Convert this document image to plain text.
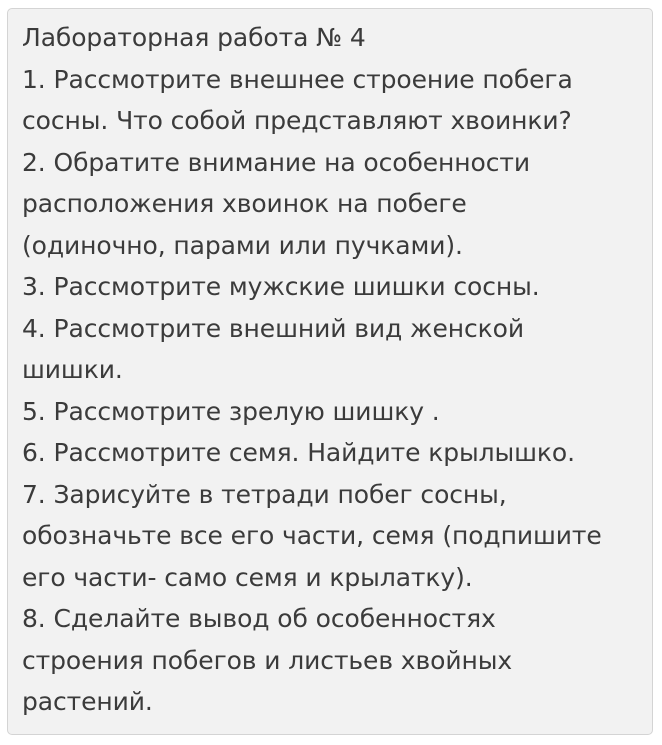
Лабораторная работа № 4
1. Рассмотрите внешнее строение побега
сосны. Что собой представляют хвоинки?
2. Обратите внимание на особенности
расположения хвоинок на побеге
(одиночно, парами или пучками).
3. Рассмотрите мужские шишки сосны.
4. Рассмотрите внешний вид женской
шишки.
5. Рассмотрите зрелую шишку .
6. Рассмотрите семя. Найдите крылышко.
7. Зарисуйте в тетради побег сосны,
обозначьте все его части, семя (подпишите
его части- само семя и крылатку).
8. Сделайте вывод об особенностях
строения побегов и листьев хвойных
растений.
